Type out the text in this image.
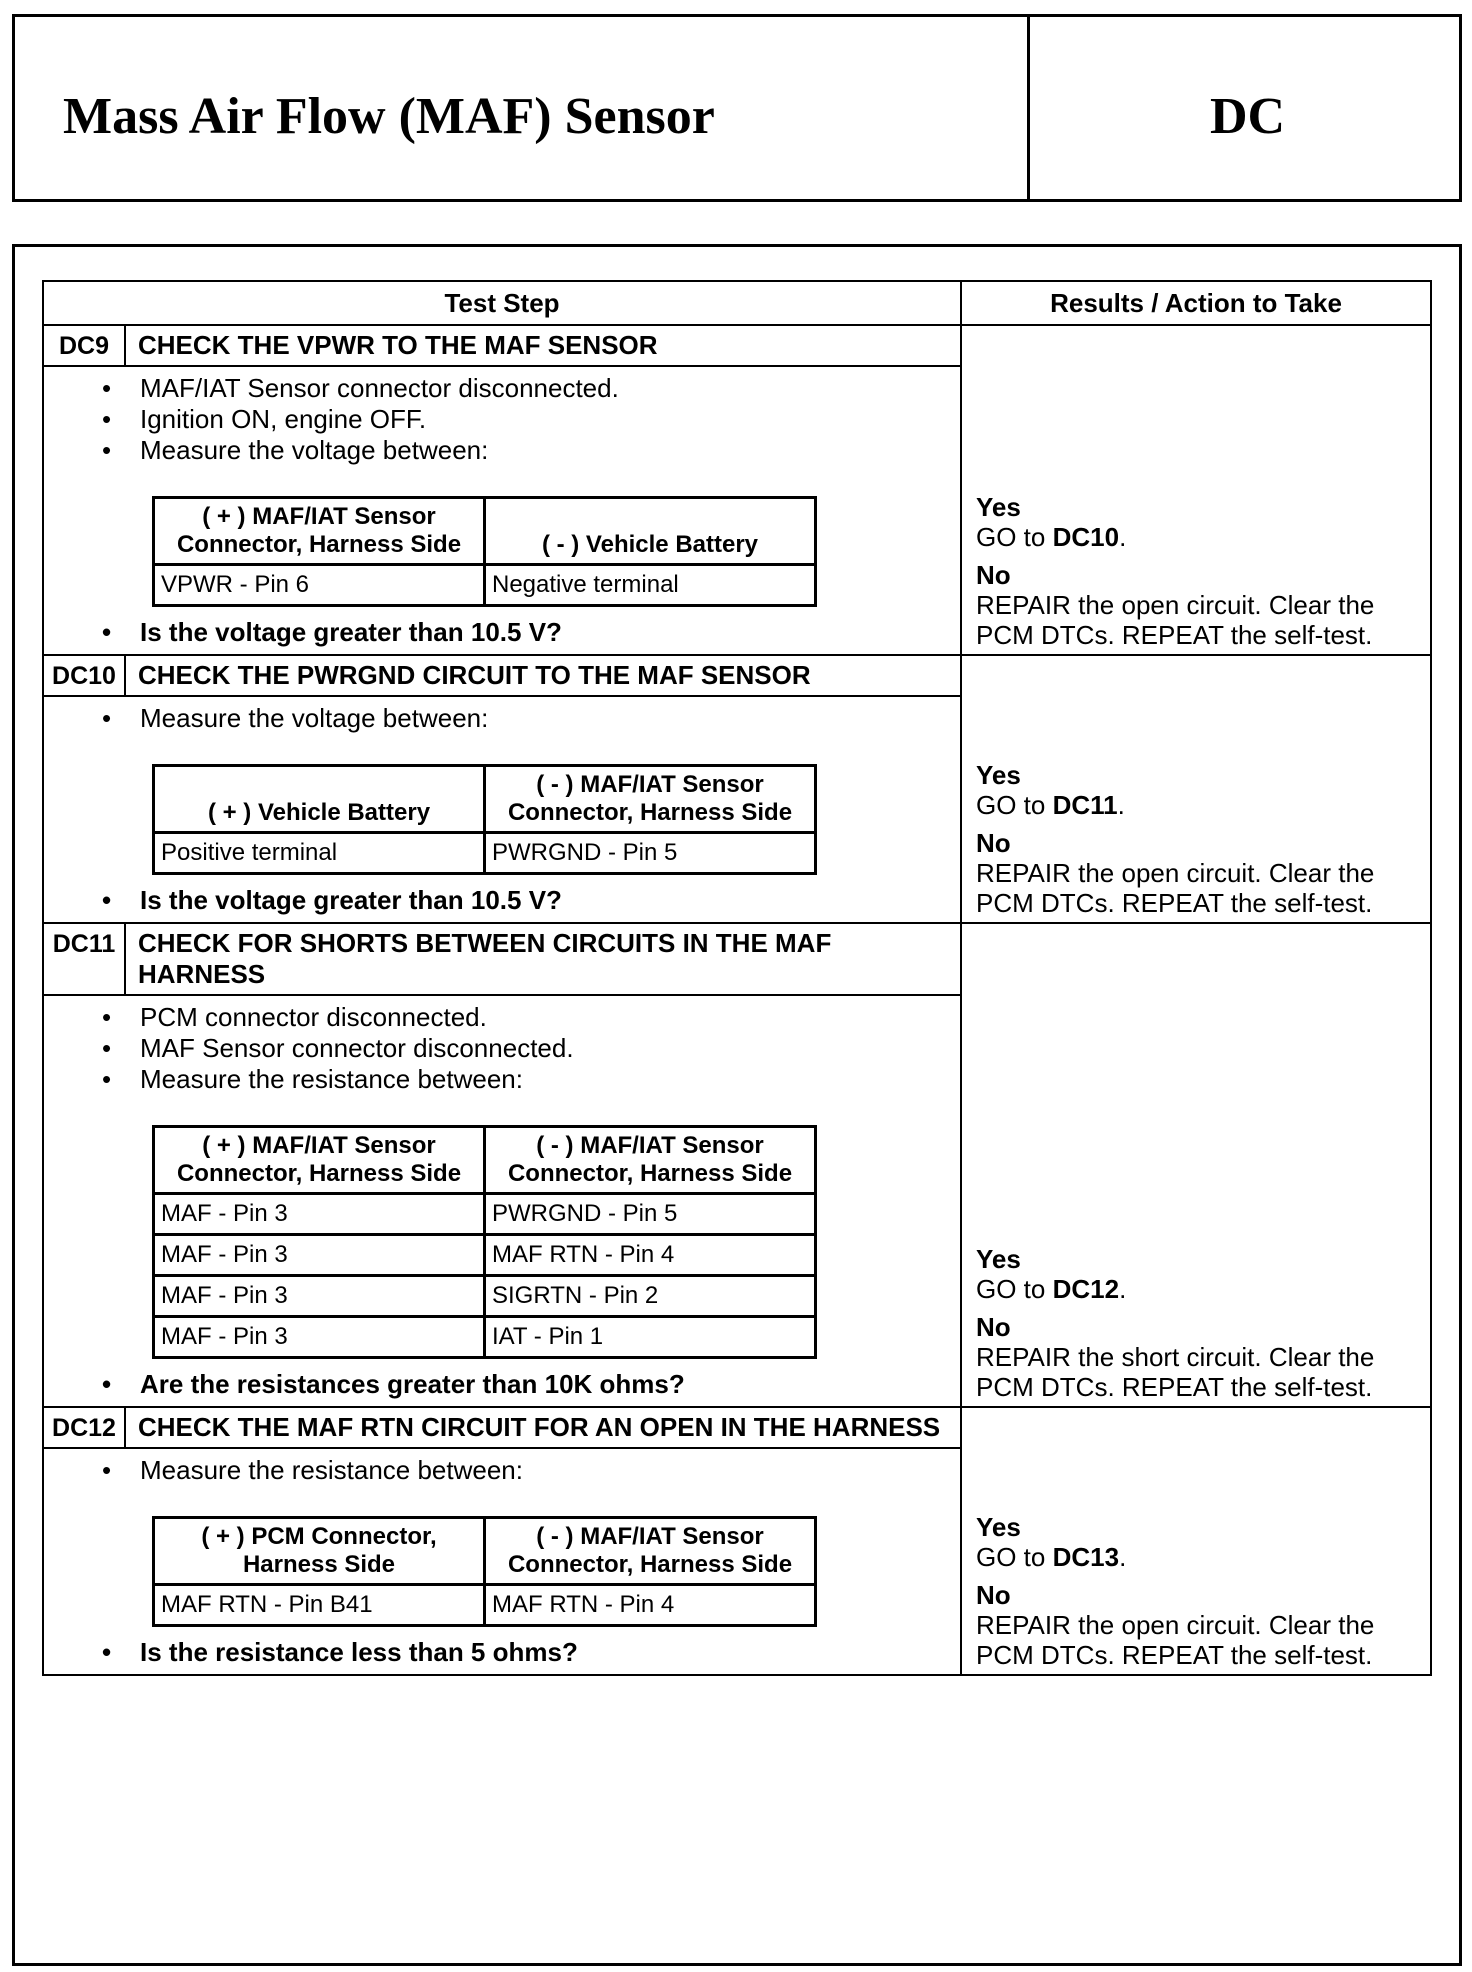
Mass Air Flow (MAF) Sensor	DC
Test Step	Results / Action to Take
DC9	CHECK THE VPWR TO THE MAF SENSOR	
Yes
GO to DC10.
No
REPAIR the open circuit. Clear the PCM DTCs. REPEAT the self-test.

• MAF/IAT Sensor connector disconnected.
• Ignition ON, engine OFF.
• Measure the voltage between:
( + ) MAF/IAT Sensor Connector, Harness Side	( - ) Vehicle Battery
VPWR - Pin 6	Negative terminal
• Is the voltage greater than 10.5 V?

DC10	CHECK THE PWRGND CIRCUIT TO THE MAF SENSOR	
Yes
GO to DC11.
No
REPAIR the open circuit. Clear the PCM DTCs. REPEAT the self-test.

• Measure the voltage between:
( + ) Vehicle Battery	( - ) MAF/IAT Sensor Connector, Harness Side
Positive terminal	PWRGND - Pin 5
• Is the voltage greater than 10.5 V?

DC11	CHECK FOR SHORTS BETWEEN CIRCUITS IN THE MAF HARNESS	
Yes
GO to DC12.
No
REPAIR the short circuit. Clear the PCM DTCs. REPEAT the self-test.

• PCM connector disconnected.
• MAF Sensor connector disconnected.
• Measure the resistance between:
( + ) MAF/IAT Sensor Connector, Harness Side	( - ) MAF/IAT Sensor Connector, Harness Side
MAF - Pin 3	PWRGND - Pin 5
MAF - Pin 3	MAF RTN - Pin 4
MAF - Pin 3	SIGRTN - Pin 2
MAF - Pin 3	IAT - Pin 1
• Are the resistances greater than 10K ohms?

DC12	CHECK THE MAF RTN CIRCUIT FOR AN OPEN IN THE HARNESS	
Yes
GO to DC13.
No
REPAIR the open circuit. Clear the PCM DTCs. REPEAT the self-test.

• Measure the resistance between:
( + ) PCM Connector, Harness Side	( - ) MAF/IAT Sensor Connector, Harness Side
MAF RTN - Pin B41	MAF RTN - Pin 4
• Is the resistance less than 5 ohms?
